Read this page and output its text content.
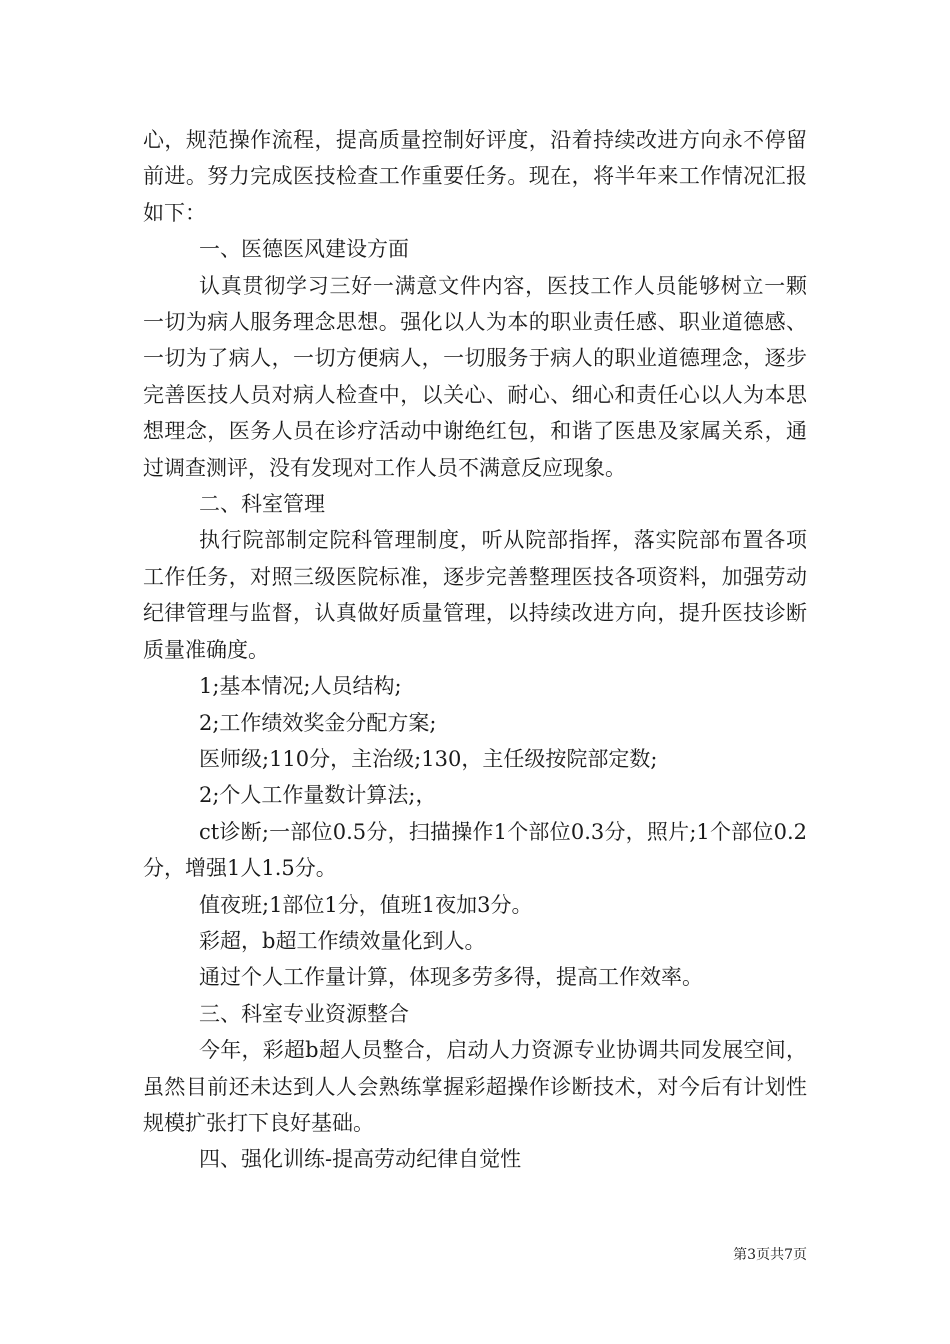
心，规范操作流程，提高质量控制好评度，沿着持续改进方向永不停留前进。努力完成医技检查工作重要任务。现在，将半年来工作情况汇报如下：

一、医德医风建设方面

认真贯彻学习三好一满意文件内容，医技工作人员能够树立一颗一切为病人服务理念思想。强化以人为本的职业责任感、职业道德感、一切为了病人，一切方便病人，一切服务于病人的职业道德理念，逐步完善医技人员对病人检查中，以关心、耐心、细心和责任心以人为本思想理念，医务人员在诊疗活动中谢绝红包，和谐了医患及家属关系，通过调查测评，没有发现对工作人员不满意反应现象。

二、科室管理

执行院部制定院科管理制度，听从院部指挥，落实院部布置各项工作任务，对照三级医院标准，逐步完善整理医技各项资料，加强劳动纪律管理与监督，认真做好质量管理，以持续改进方向，提升医技诊断质量准确度。

1;基本情况;人员结构;

2;工作绩效奖金分配方案;

医师级;110分，主治级;130，主任级按院部定数;

2;个人工作量数计算法;，

ct诊断;一部位0.5分，扫描操作1个部位0.3分，照片;1个部位0.2分，增强1人1.5分。

值夜班;1部位1分，值班1夜加3分。

彩超，b超工作绩效量化到人。

通过个人工作量计算，体现多劳多得，提高工作效率。

三、科室专业资源整合

今年，彩超b超人员整合，启动人力资源专业协调共同发展空间，虽然目前还未达到人人会熟练掌握彩超操作诊断技术，对今后有计划性规模扩张打下良好基础。

四、强化训练-提高劳动纪律自觉性

第3页共7页
